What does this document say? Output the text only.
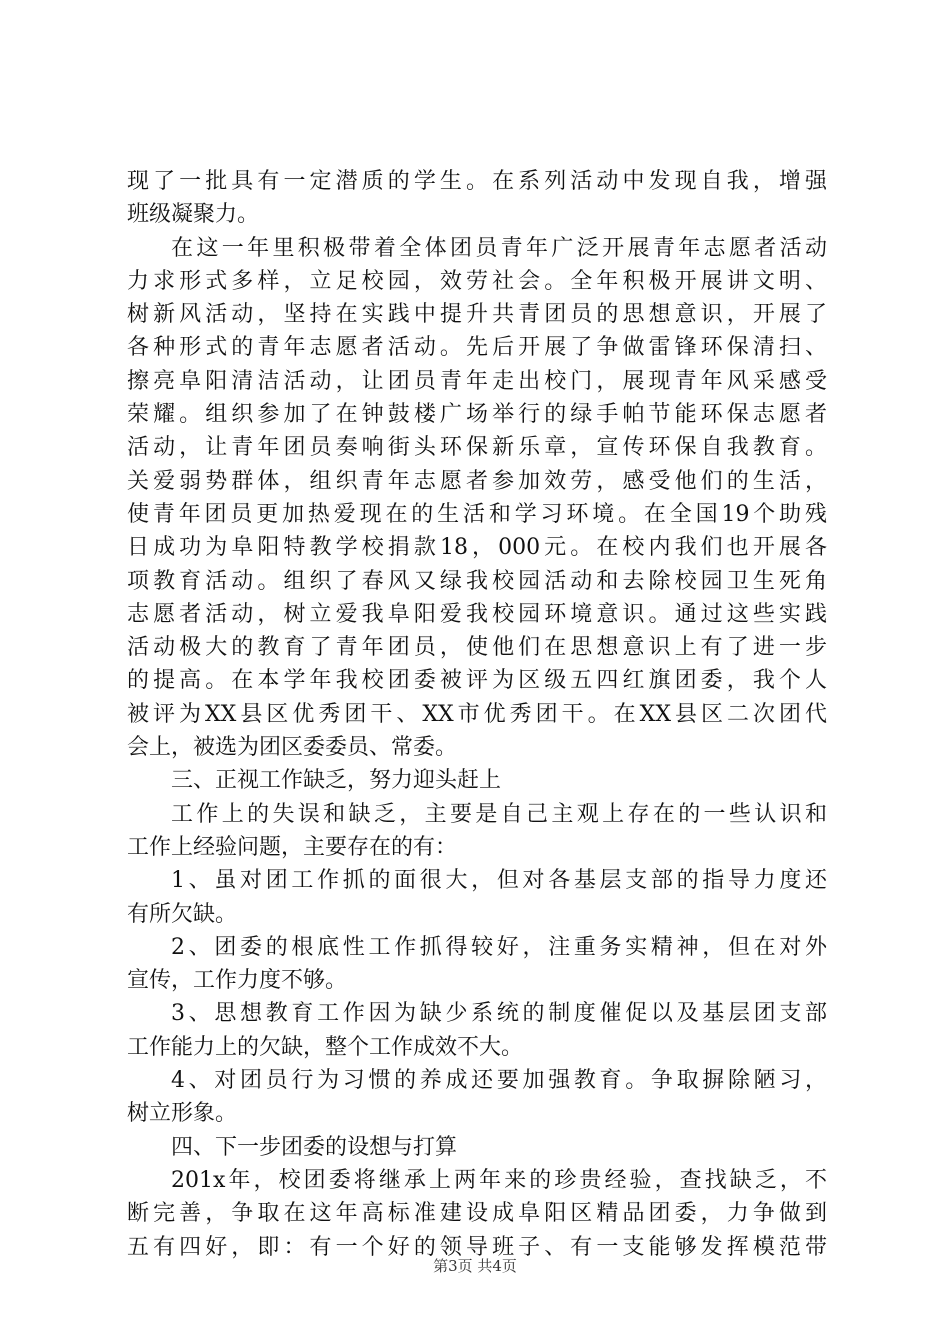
现了一批具有一定潜质的学生。在系列活动中发现自我，增强
班级凝聚力。
在这一年里积极带着全体团员青年广泛开展青年志愿者活动
力求形式多样，立足校园，效劳社会。全年积极开展讲文明、
树新风活动，坚持在实践中提升共青团员的思想意识，开展了
各种形式的青年志愿者活动。先后开展了争做雷锋环保清扫、
擦亮阜阳清洁活动，让团员青年走出校门，展现青年风采感受
荣耀。组织参加了在钟鼓楼广场举行的绿手帕节能环保志愿者
活动，让青年团员奏响街头环保新乐章，宣传环保自我教育。
关爱弱势群体，组织青年志愿者参加效劳，感受他们的生活，
使青年团员更加热爱现在的生活和学习环境。在全国19个助残
日成功为阜阳特教学校捐款18，000元。在校内我们也开展各
项教育活动。组织了春风又绿我校园活动和去除校园卫生死角
志愿者活动，树立爱我阜阳爱我校园环境意识。通过这些实践
活动极大的教育了青年团员，使他们在思想意识上有了进一步
的提高。在本学年我校团委被评为区级五四红旗团委，我个人
被评为XX县区优秀团干、XX市优秀团干。在XX县区二次团代
会上，被选为团区委委员、常委。
三、正视工作缺乏，努力迎头赶上
工作上的失误和缺乏，主要是自己主观上存在的一些认识和
工作上经验问题，主要存在的有：
1、虽对团工作抓的面很大，但对各基层支部的指导力度还
有所欠缺。
2、团委的根底性工作抓得较好，注重务实精神，但在对外
宣传，工作力度不够。
3、思想教育工作因为缺少系统的制度催促以及基层团支部
工作能力上的欠缺，整个工作成效不大。
4、对团员行为习惯的养成还要加强教育。争取摒除陋习，
树立形象。
四、下一步团委的设想与打算
201x年，校团委将继承上两年来的珍贵经验，查找缺乏，不
断完善，争取在这年高标准建设成阜阳区精品团委，力争做到
五有四好，即：有一个好的领导班子、有一支能够发挥模范带
第3页 共4页
